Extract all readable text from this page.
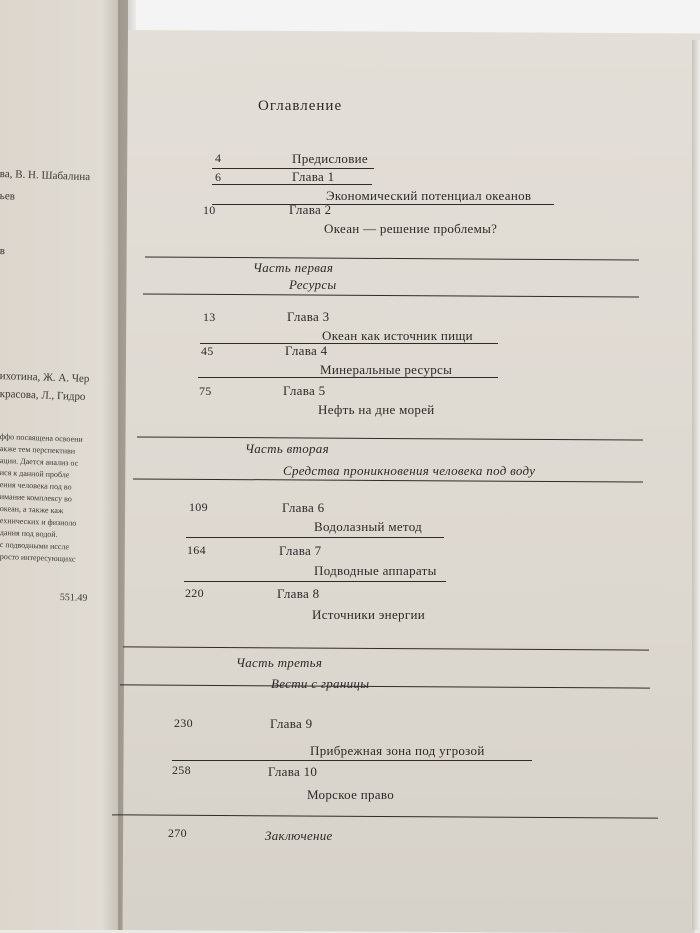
ва, В. Н. Шабалина
ьев
в
ихотина, Ж. А. Чер
красова, Л., Гидро
ффо посвящена освоени
акже тем перспективн
ации. Дается анализ ос
ися к данной пробле
ения человека под во
имание комплексу во
океан, а также каж
ехнических и физиоло
дания под водой.
с подводными иссле
росто интересующихс
551.49
Оглавление
4	Предисловие
6	Глава 1
Экономический потенциал океанов
10	Глава 2
Океан — решение проблемы?
Часть первая
Ресурсы
13	Глава 3
Океан как источник пищи
45	Глава 4
Минеральные ресурсы
75	Глава 5
Нефть на дне морей
Часть вторая
Средства проникновения человека под воду
109	Глава 6
Водолазный метод
164	Глава 7
Подводные аппараты
220	Глава 8
Источники энергии
Часть третья
Вести с границы
230	Глава 9
Прибрежная зона под угрозой
258	Глава 10
Морское право
270	Заключение
